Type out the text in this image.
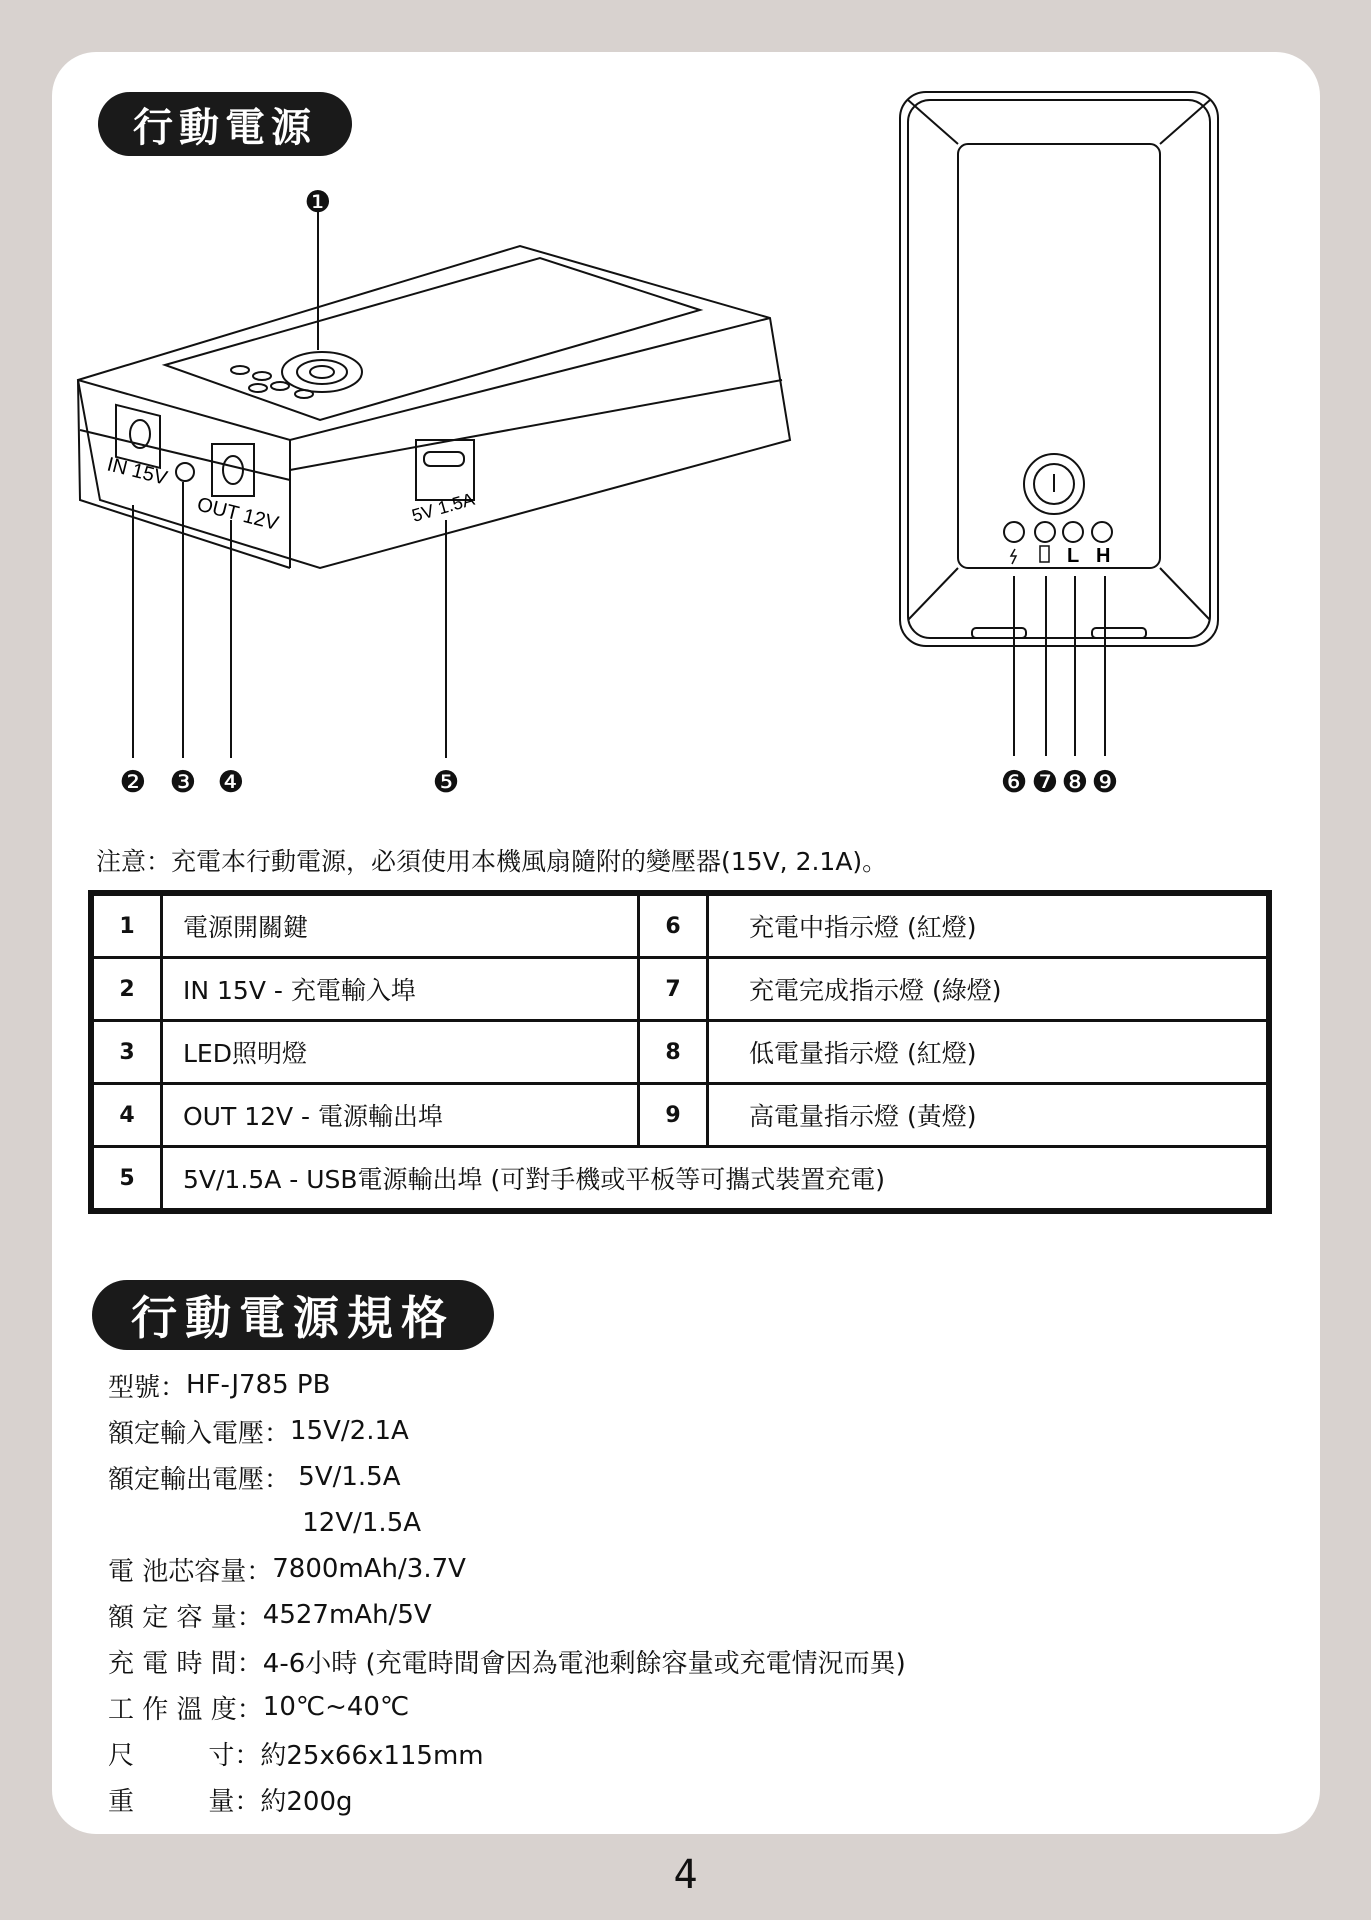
行動電源
IN 15V
OUT 12V	5V 1.5A
L H
❶
❷ ❸ ❹	❺	❻ ❼ ❽ ❾
注意：充電本行動電源，必須使用本機風扇隨附的變壓器(15V, 2.1A)。
1	電源開關鍵	6	充電中指示燈 (紅燈)
2	IN 15V - 充電輸入埠	7	充電完成指示燈 (綠燈)
3	LED照明燈	8	低電量指示燈 (紅燈)
4	OUT 12V - 電源輸出埠	9	高電量指示燈 (黃燈)
5	5V/1.5A - USB電源輸出埠 (可對手機或平板等可攜式裝置充電)		
行動電源規格
型號： HF-J785 PB
額定輸入電壓： 15V/2.1A
額定輸出電壓： 5V/1.5A
12V/1.5A
電 池芯容量： 7800mAh/3.7V
額 定 容 量： 4527mAh/5V
充 電 時 間： 4-6小時 (充電時間會因為電池剩餘容量或充電情況而異)
工 作 溫 度： 10℃~40℃
尺         寸： 約25x66x115mm
重         量： 約200g
4
